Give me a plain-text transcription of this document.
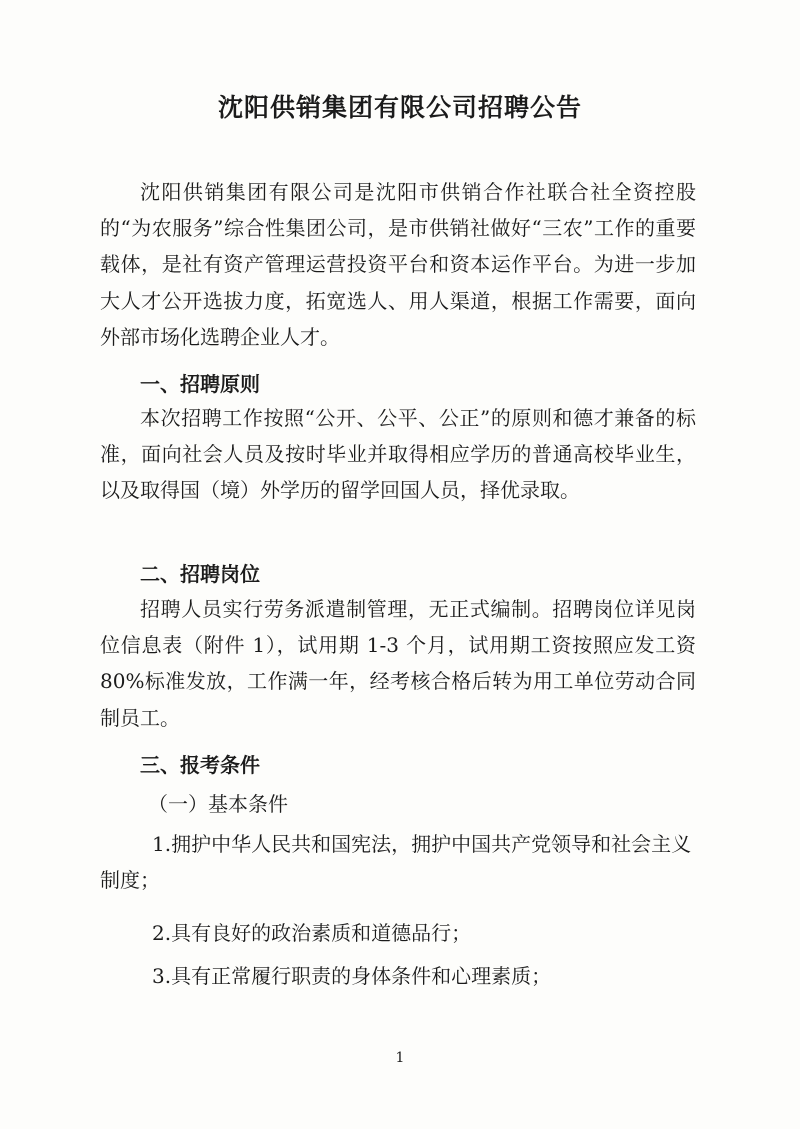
沈阳供销集团有限公司招聘公告

沈阳供销集团有限公司是沈阳市供销合作社联合社全资控股的“为农服务”综合性集团公司，是市供销社做好“三农”工作的重要载体，是社有资产管理运营投资平台和资本运作平台。为进一步加大人才公开选拔力度，拓宽选人、用人渠道，根据工作需要，面向外部市场化选聘企业人才。

一、招聘原则

本次招聘工作按照“公开、公平、公正”的原则和德才兼备的标准，面向社会人员及按时毕业并取得相应学历的普通高校毕业生，以及取得国（境）外学历的留学回国人员，择优录取。

二、招聘岗位

招聘人员实行劳务派遣制管理，无正式编制。招聘岗位详见岗位信息表（附件 1），试用期 1-3 个月，试用期工资按照应发工资 80%标准发放，工作满一年，经考核合格后转为用工单位劳动合同制员工。

三、报考条件

（一）基本条件

1.拥护中华人民共和国宪法，拥护中国共产党领导和社会主义制度；

2.具有良好的政治素质和道德品行；

3.具有正常履行职责的身体条件和心理素质；

1
